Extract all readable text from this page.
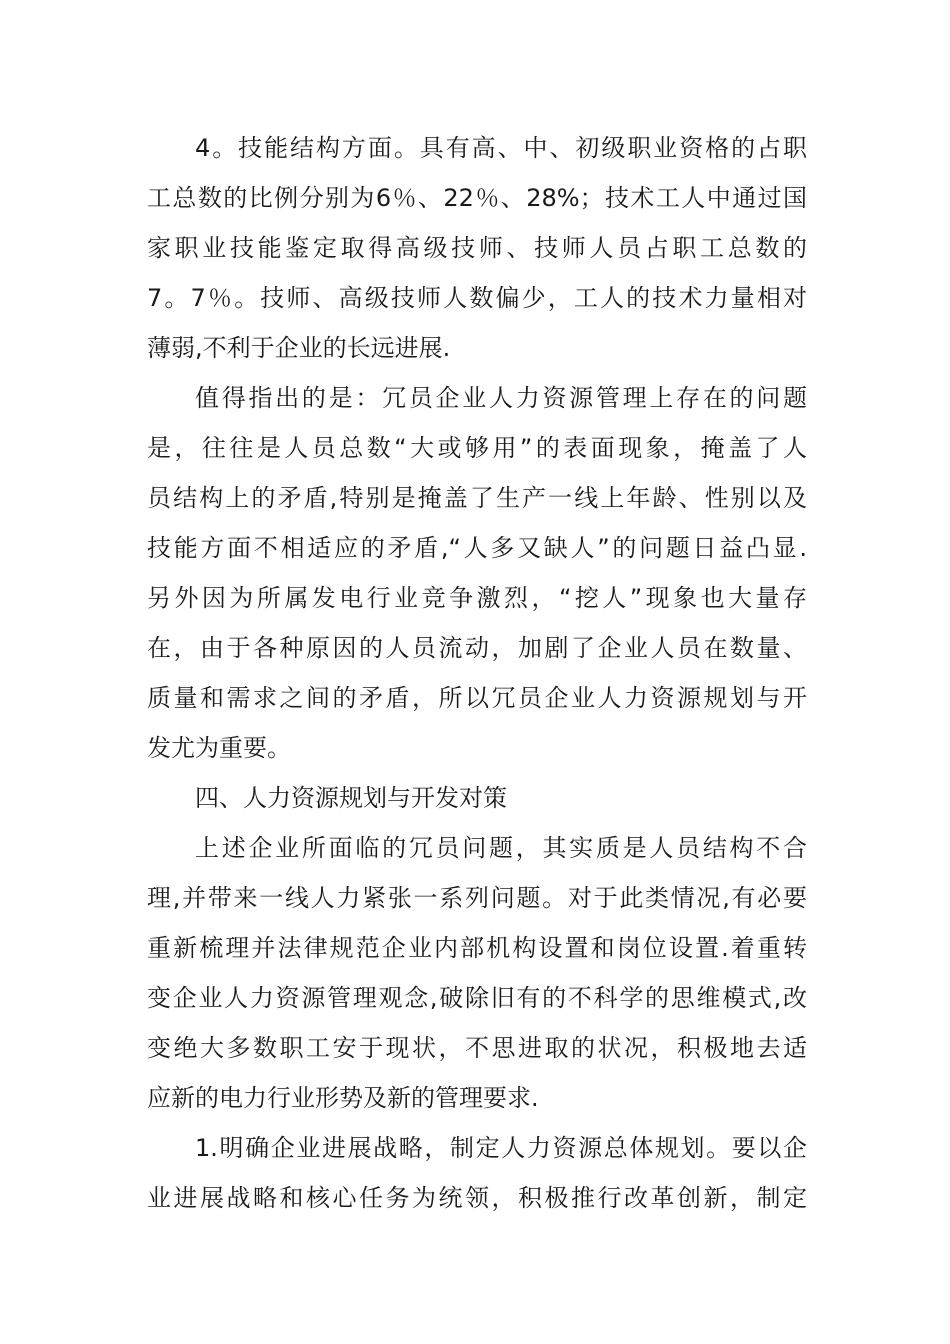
4。技能结构方面。具有高、中、初级职业资格的占职
工总数的比例分别为6％、22％、28%；技术工人中通过国
家职业技能鉴定取得高级技师、技师人员占职工总数的
7。7％。技师、高级技师人数偏少，工人的技术力量相对
薄弱,不利于企业的长远进展.

值得指出的是：冗员企业人力资源管理上存在的问题
是，往往是人员总数“大或够用”的表面现象，掩盖了人
员结构上的矛盾,特别是掩盖了生产一线上年龄、性别以及
技能方面不相适应的矛盾,“人多又缺人”的问题日益凸显.
另外因为所属发电行业竞争激烈，“挖人”现象也大量存
在，由于各种原因的人员流动，加剧了企业人员在数量、
质量和需求之间的矛盾，所以冗员企业人力资源规划与开
发尤为重要。

四、人力资源规划与开发对策

上述企业所面临的冗员问题，其实质是人员结构不合
理,并带来一线人力紧张一系列问题。对于此类情况,有必要
重新梳理并法律规范企业内部机构设置和岗位设置.着重转
变企业人力资源管理观念,破除旧有的不科学的思维模式,改
变绝大多数职工安于现状，不思进取的状况，积极地去适
应新的电力行业形势及新的管理要求.

1.明确企业进展战略，制定人力资源总体规划。要以企
业进展战略和核心任务为统领，积极推行改革创新，制定
